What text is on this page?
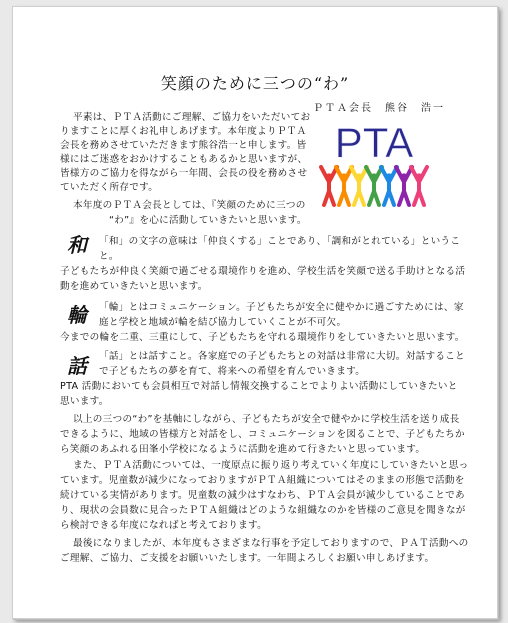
笑顔のために三つの“わ”
ＰＴＡ会長　熊谷　浩一
PTA
平素は、ＰＴＡ活動にご理解、ご協力をいただいてお
りますことに厚くお礼申しあげます。本年度よりＰＴＡ
会長を務めさせていただきます熊谷浩一と申します。皆
様にはご迷惑をおかけすることもあるかと思いますが、
皆様方のご協力を得ながら一年間、会長の役を務めさせ
ていただく所存です。
本年度のＰＴＡ会長としては、『笑顔のために三つの
“わ”』を心に活動していきたいと思います。
和 「和」の文字の意味は「仲良くする」ことであり、「調和がとれている」というこ
と。
子どもたちが仲良く笑顔で過ごせる環境作りを進め、学校生活を笑顔で送る手助けとなる活
動を進めていきたいと思います。
輪 「輪」とはコミュニケーション。子どもたちが安全に健やかに過ごすためには、家
庭と学校と地域が輪を結び協力していくことが不可欠。
今までの輪を二重、三重にして、子どもたちを守れる環境作りをしていきたいと思います。
話 「話」とは話すこと。各家庭での子どもたちとの対話は非常に大切。対話すること
で子どもたちの夢を育て、将来への希望を育んでいきます。
PTA 活動においても会員相互で対話し情報交換することでよりよい活動にしていきたいと
思います。
以上の三つの“わ”を基軸にしながら、子どもたちが安全で健やかに学校生活を送り成長
できるように、地域の皆様方と対話をし、コミュニケーションを図ることで、子どもたちか
ら笑顔のあふれる田峯小学校になるように活動を進めて行きたいと思っています。
また、ＰＴＡ活動については、一度原点に振り返り考えていく年度にしていきたいと思っ
ています。児童数が減少になっておりますがＰＴＡ組織についてはそのままの形態で活動を
続けている実情があります。児童数の減少はすなわち、ＰＴＡ会員が減少していることであ
り、現状の会員数に見合ったＰＴＡ組織はどのような組織なのかを皆様のご意見を聞きなが
ら検討できる年度になればと考えております。
最後になりましたが、本年度もさまざまな行事を予定しておりますので、ＰＡＴ活動への
ご理解、ご協力、ご支援をお願いいたします。一年間よろしくお願い申しあげます。
